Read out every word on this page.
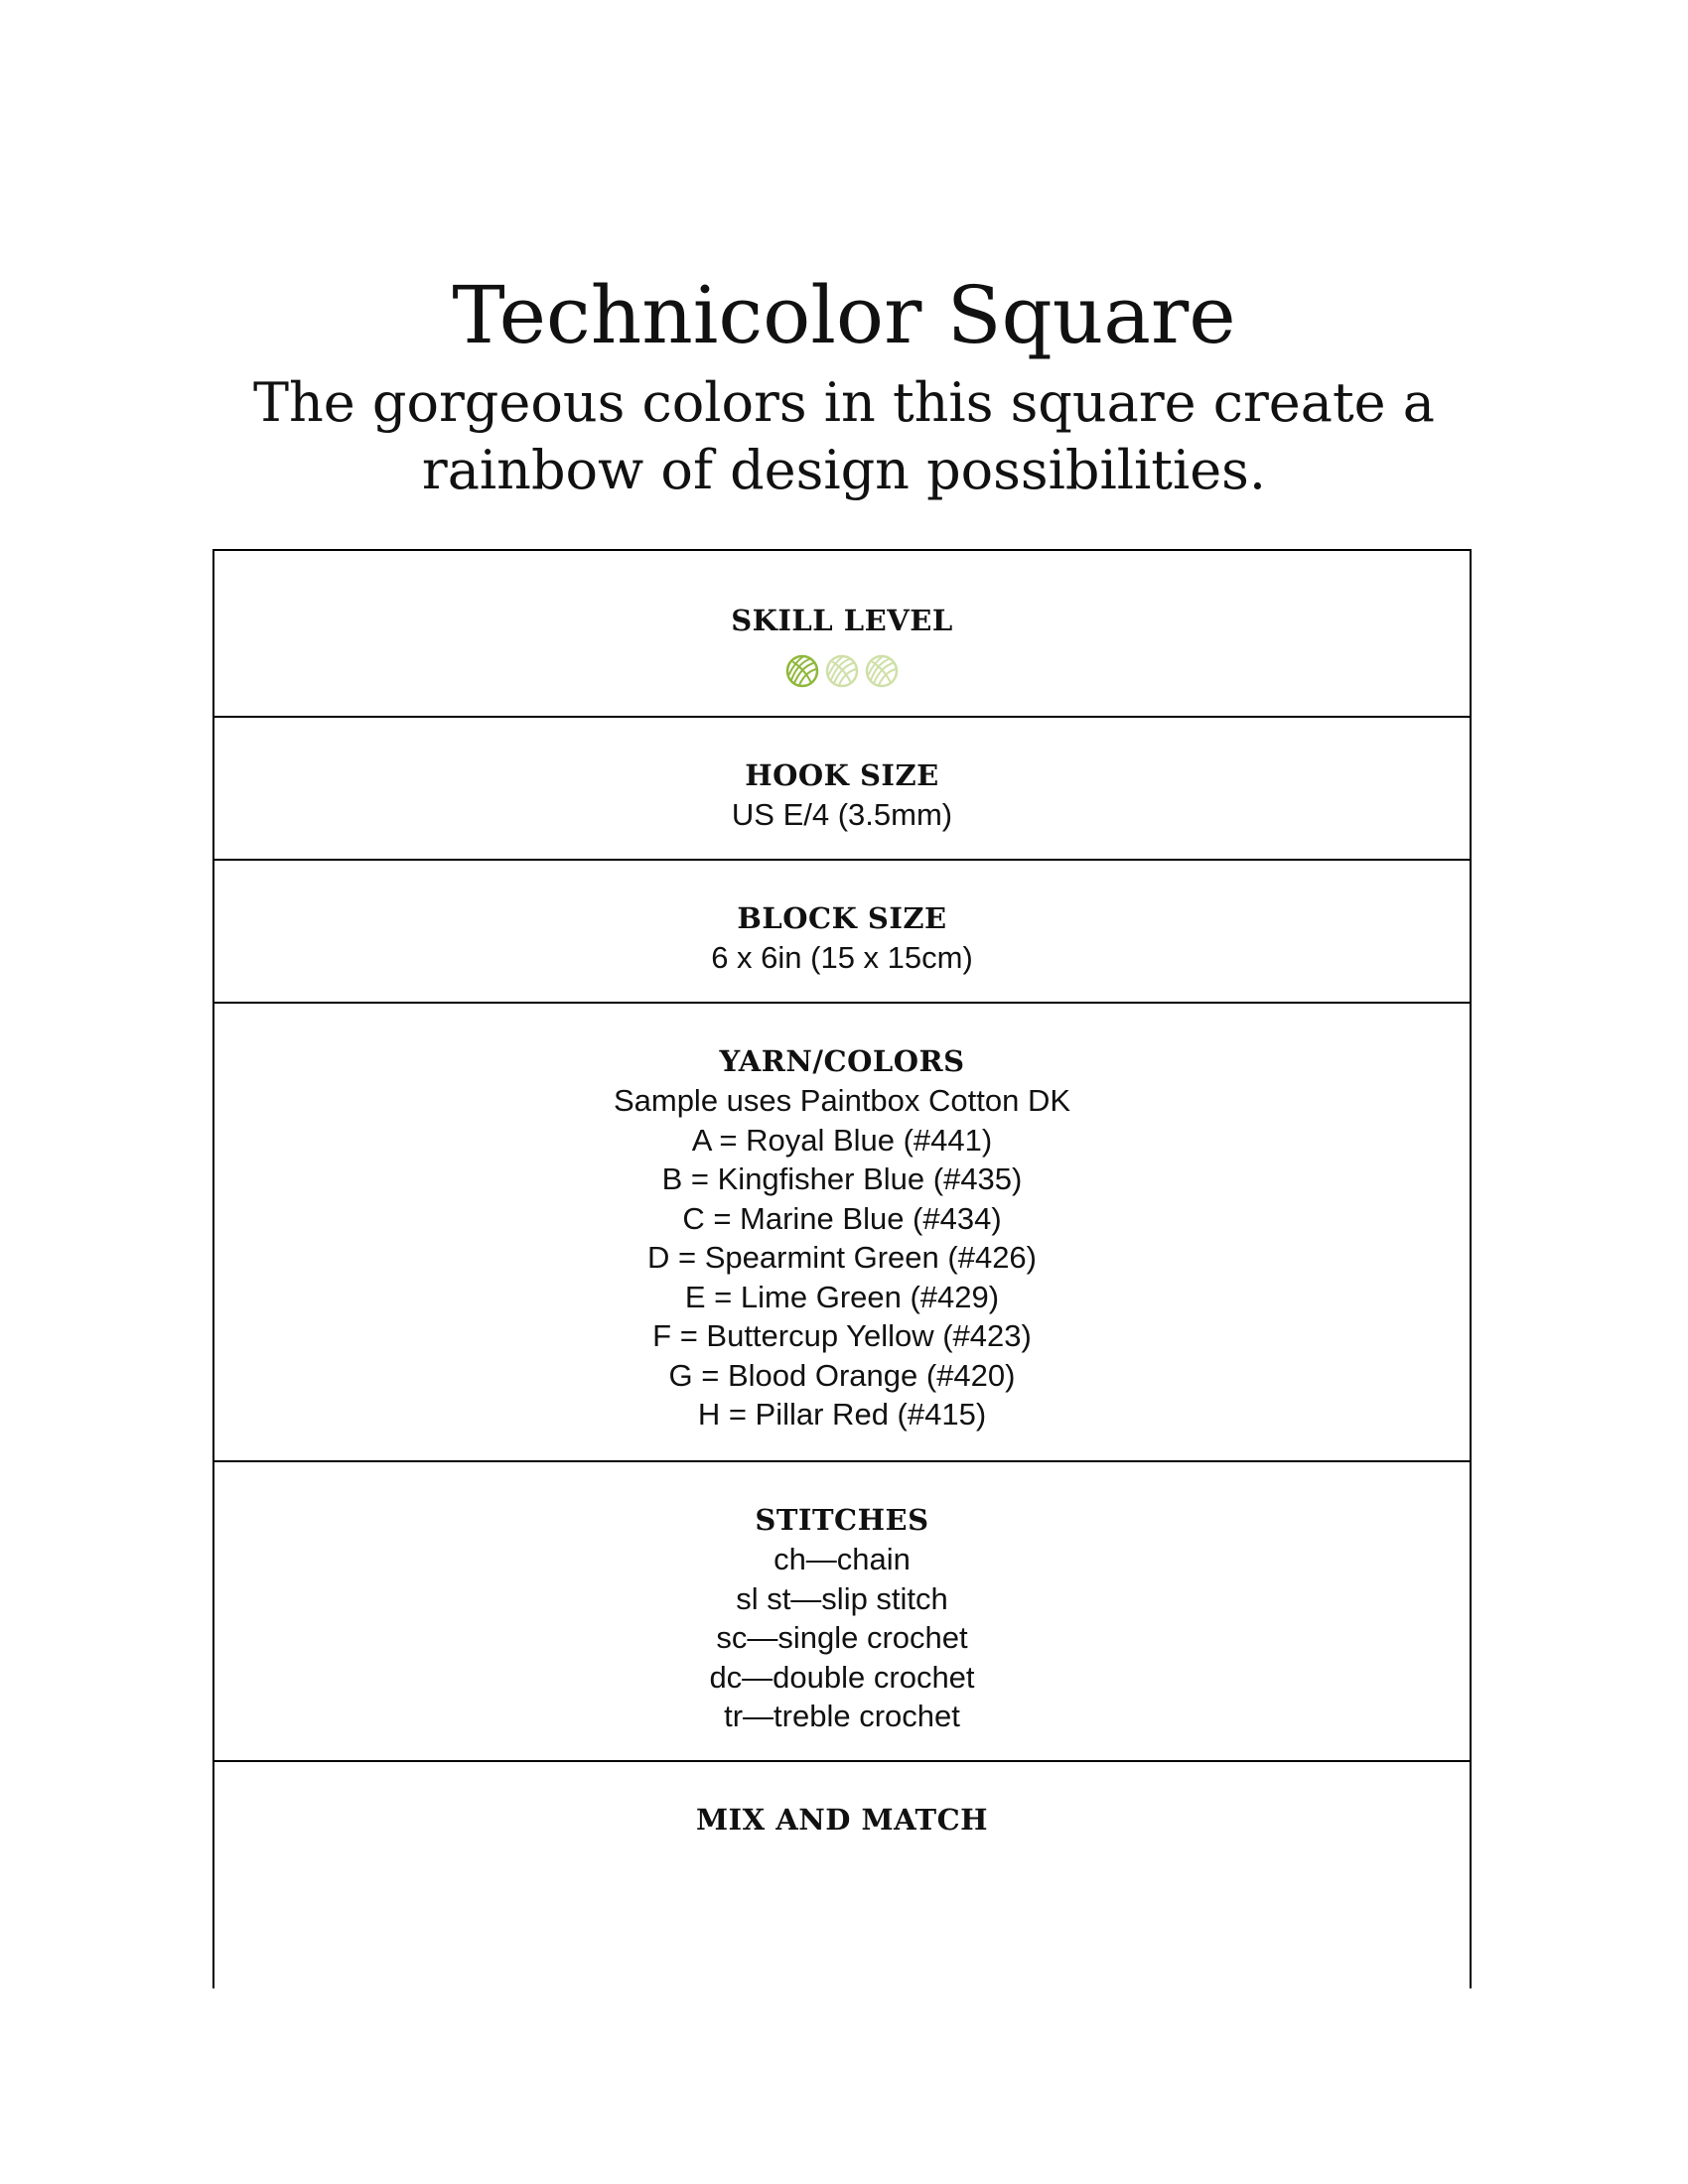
Technicolor Square
The gorgeous colors in this square create a
rainbow of design possibilities.
SKILL LEVEL
HOOK SIZE
US E/4 (3.5mm)
BLOCK SIZE
6 x 6in (15 x 15cm)
YARN/COLORS
Sample uses Paintbox Cotton DK
A = Royal Blue (#441)
B = Kingfisher Blue (#435)
C = Marine Blue (#434)
D = Spearmint Green (#426)
E = Lime Green (#429)
F = Buttercup Yellow (#423)
G = Blood Orange (#420)
H = Pillar Red (#415)
STITCHES
ch—chain
sl st—slip stitch
sc—single crochet
dc—double crochet
tr—treble crochet
MIX AND MATCH
